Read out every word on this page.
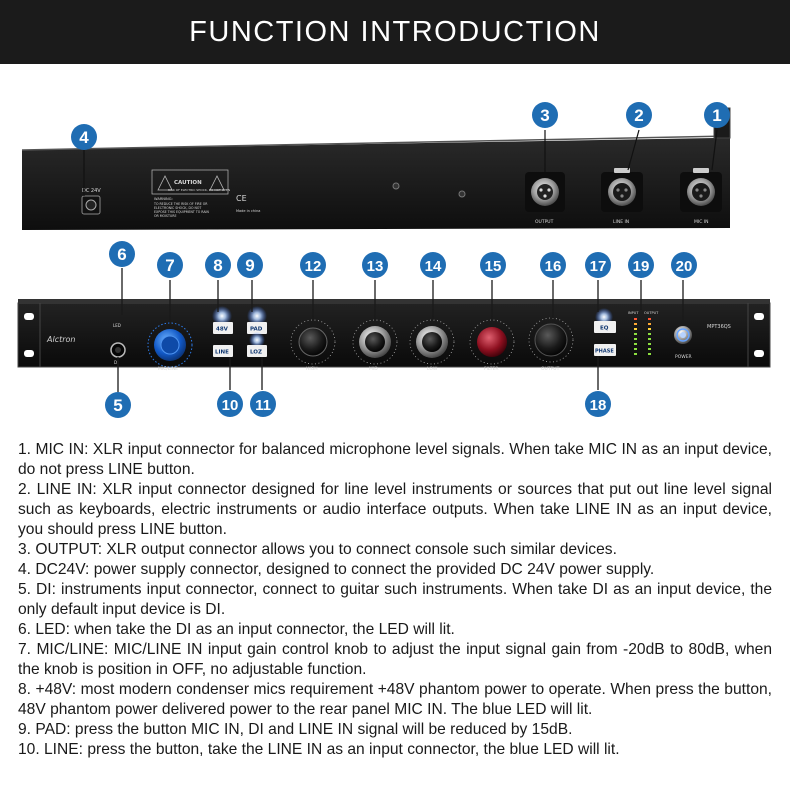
FUNCTION INTRODUCTION
DC 24V
CAUTION
RISK OF ELECTRIC SHOCK, DO NOT OPEN
WARNING:
TO REDUCE THE RISK OF FIRE OR
ELECTRONIC SHOCK, DO NOT
EXPOSE THIS EQUIPMENT TO RAIN
OR MOISTURE
CE
Made in china
OUTPUT	LINE IN	MIC IN
Alctron
LED
DI
MIC/LINE
48V	PAD
LINE	LOZ
HIGH	MID	LOW	FILTER	OUTPUT
EQ
PHASE
INPUT OUTPUT
POWER
MPT36QS
1
2
3
4
5
6
7 8 9
10 11
12	13	14	15	16 17
18
19 20

1. MIC IN: XLR input connector for balanced microphone level signals. When take MIC IN as an input device, do not press LINE button.

2. LINE IN: XLR input connector designed for line level instruments or sources that put out line level signal such as keyboards, electric instruments or audio interface outputs. When take LINE IN as an input device, you should press LINE button.

3. OUTPUT: XLR output connector allows you to connect console such similar devices.

4. DC24V: power supply connector, designed to connect the provided DC 24V power supply.

5. DI: instruments input connector, connect to guitar such instruments. When take DI as an input device, the only default input device is DI.

6. LED: when take the DI as an input connector, the LED will lit.

7. MIC/LINE: MIC/LINE IN input gain control knob to adjust the input signal gain from -20dB to 80dB, when the knob is position in OFF, no adjustable function.

8. +48V: most modern condenser mics requirement +48V phantom power to operate. When press the button, 48V phantom power delivered power to the rear panel MIC IN. The blue LED will lit.

9. PAD: press the button MIC IN, DI and LINE IN signal will be reduced by 15dB.

10. LINE: press the button, take the LINE IN as an input connector, the blue LED will lit.
